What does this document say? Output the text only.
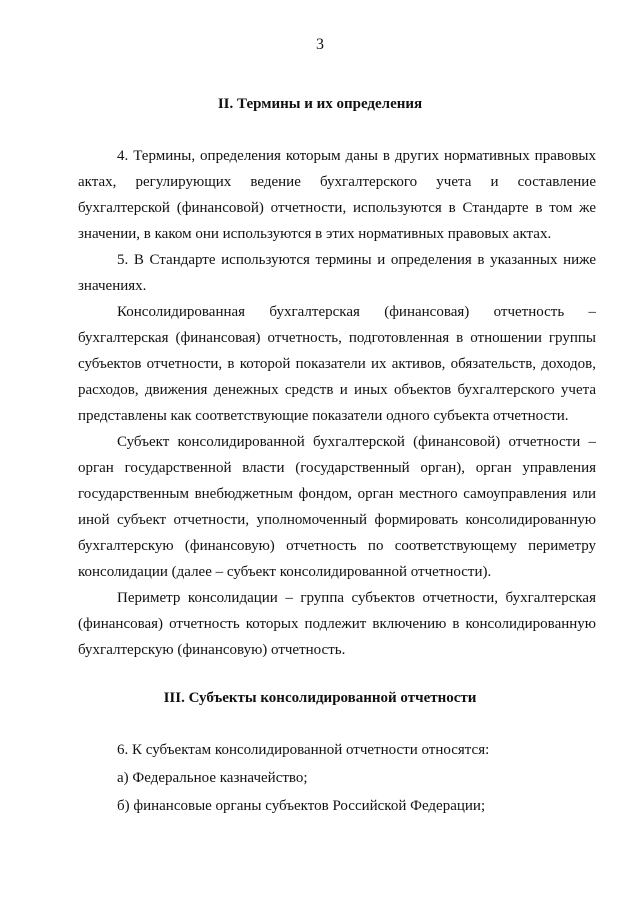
3
II. Термины и их определения
4. Термины, определения которым даны в других нормативных правовых
актах, регулирующих ведение бухгалтерского учета и составление
бухгалтерской (финансовой) отчетности, используются в Стандарте в том же
значении, в каком они используются в этих нормативных правовых актах.
5. В Стандарте используются термины и определения в указанных ниже
значениях.
Консолидированная бухгалтерская (финансовая) отчетность –
бухгалтерская (финансовая) отчетность, подготовленная в отношении группы
субъектов отчетности, в которой показатели их активов, обязательств, доходов,
расходов, движения денежных средств и иных объектов бухгалтерского учета
представлены как соответствующие показатели одного субъекта отчетности.
Субъект консолидированной бухгалтерской (финансовой) отчетности –
орган государственной власти (государственный орган), орган управления
государственным внебюджетным фондом, орган местного самоуправления или
иной субъект отчетности, уполномоченный формировать консолидированную
бухгалтерскую (финансовую) отчетность по соответствующему периметру
консолидации (далее – субъект консолидированной отчетности).
Периметр консолидации – группа субъектов отчетности, бухгалтерская
(финансовая) отчетность которых подлежит включению в консолидированную
бухгалтерскую (финансовую) отчетность.
III. Субъекты консолидированной отчетности
6. К субъектам консолидированной отчетности относятся:
а) Федеральное казначейство;
б) финансовые органы субъектов Российской Федерации;
